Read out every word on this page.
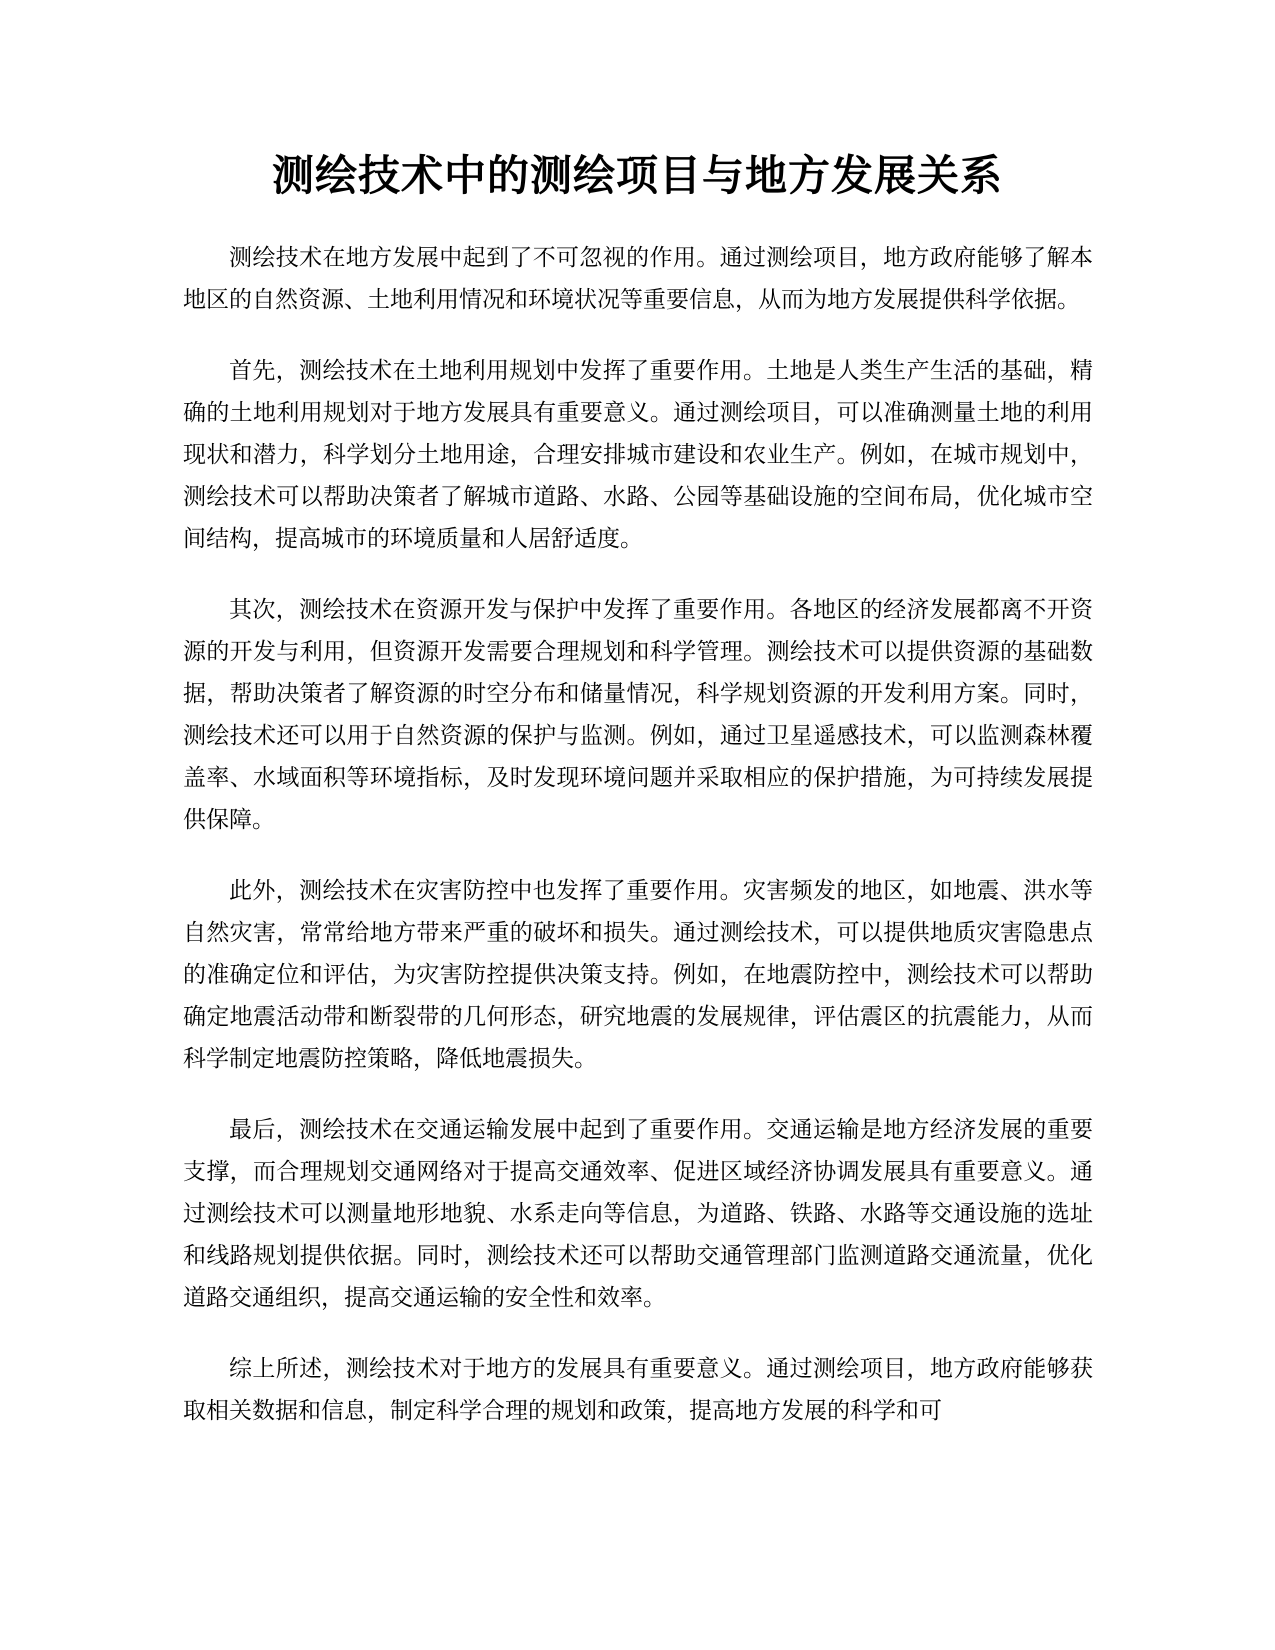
测绘技术中的测绘项目与地方发展关系

测绘技术在地方发展中起到了不可忽视的作用。通过测绘项目，地方政府能够了解本地区的自然资源、土地利用情况和环境状况等重要信息，从而为地方发展提供科学依据。

首先，测绘技术在土地利用规划中发挥了重要作用。土地是人类生产生活的基础，精确的土地利用规划对于地方发展具有重要意义。通过测绘项目，可以准确测量土地的利用现状和潜力，科学划分土地用途，合理安排城市建设和农业生产。例如，在城市规划中，测绘技术可以帮助决策者了解城市道路、水路、公园等基础设施的空间布局，优化城市空间结构，提高城市的环境质量和人居舒适度。

其次，测绘技术在资源开发与保护中发挥了重要作用。各地区的经济发展都离不开资源的开发与利用，但资源开发需要合理规划和科学管理。测绘技术可以提供资源的基础数据，帮助决策者了解资源的时空分布和储量情况，科学规划资源的开发利用方案。同时，测绘技术还可以用于自然资源的保护与监测。例如，通过卫星遥感技术，可以监测森林覆盖率、水域面积等环境指标，及时发现环境问题并采取相应的保护措施，为可持续发展提供保障。

此外，测绘技术在灾害防控中也发挥了重要作用。灾害频发的地区，如地震、洪水等自然灾害，常常给地方带来严重的破坏和损失。通过测绘技术，可以提供地质灾害隐患点的准确定位和评估，为灾害防控提供决策支持。例如，在地震防控中，测绘技术可以帮助确定地震活动带和断裂带的几何形态，研究地震的发展规律，评估震区的抗震能力，从而科学制定地震防控策略，降低地震损失。

最后，测绘技术在交通运输发展中起到了重要作用。交通运输是地方经济发展的重要支撑，而合理规划交通网络对于提高交通效率、促进区域经济协调发展具有重要意义。通过测绘技术可以测量地形地貌、水系走向等信息，为道路、铁路、水路等交通设施的选址和线路规划提供依据。同时，测绘技术还可以帮助交通管理部门监测道路交通流量，优化道路交通组织，提高交通运输的安全性和效率。

综上所述，测绘技术对于地方的发展具有重要意义。通过测绘项目，地方政府能够获取相关数据和信息，制定科学合理的规划和政策，提高地方发展的科学和可
